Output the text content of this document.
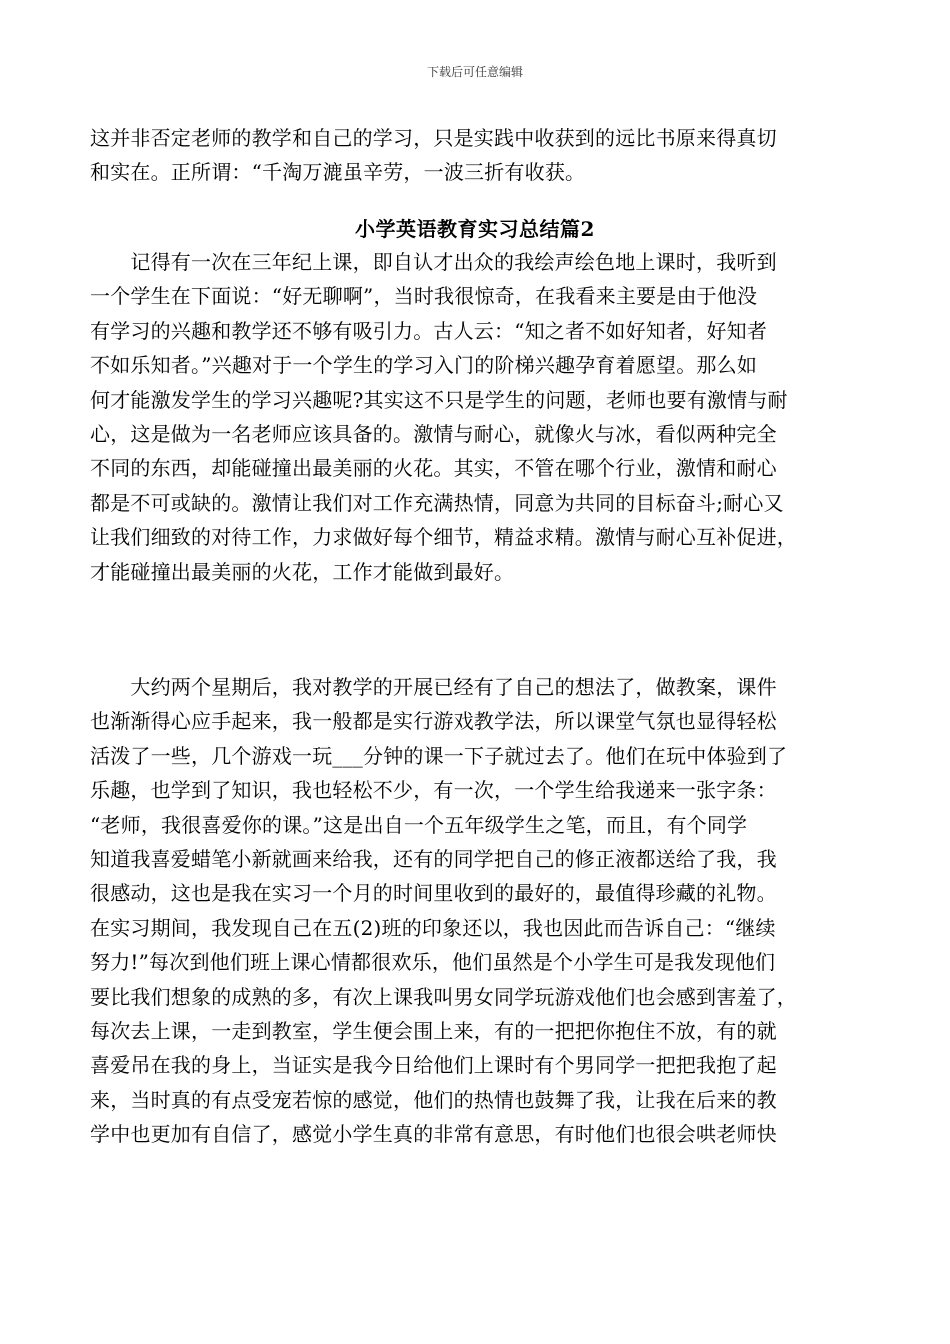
下载后可任意编辑
这并非否定老师的教学和自己的学习，只是实践中收获到的远比书原来得真切
和实在。正所谓：“千淘万漉虽辛劳，一波三折有收获。
小学英语教育实习总结篇2
　　记得有一次在三年纪上课，即自认才出众的我绘声绘色地上课时，我听到
一个学生在下面说：“好无聊啊”，当时我很惊奇，在我看来主要是由于他没
有学习的兴趣和教学还不够有吸引力。古人云：“知之者不如好知者，好知者
不如乐知者。”兴趣对于一个学生的学习入门的阶梯兴趣孕育着愿望。那么如
何才能激发学生的学习兴趣呢?其实这不只是学生的问题，老师也要有激情与耐
心，这是做为一名老师应该具备的。激情与耐心，就像火与冰，看似两种完全
不同的东西，却能碰撞出最美丽的火花。其实，不管在哪个行业，激情和耐心
都是不可或缺的。激情让我们对工作充满热情，同意为共同的目标奋斗;耐心又
让我们细致的对待工作，力求做好每个细节，精益求精。激情与耐心互补促进，
才能碰撞出最美丽的火花，工作才能做到最好。
　　大约两个星期后，我对教学的开展已经有了自己的想法了，做教案，课件
也渐渐得心应手起来，我一般都是实行游戏教学法，所以课堂气氛也显得轻松
活泼了一些，几个游戏一玩___分钟的课一下子就过去了。他们在玩中体验到了
乐趣，也学到了知识，我也轻松不少，有一次，一个学生给我递来一张字条：
“老师，我很喜爱你的课。”这是出自一个五年级学生之笔，而且，有个同学
知道我喜爱蜡笔小新就画来给我，还有的同学把自己的修正液都送给了我，我
很感动，这也是我在实习一个月的时间里收到的最好的，最值得珍藏的礼物。
在实习期间，我发现自己在五(2)班的印象还以，我也因此而告诉自己：“继续
努力!”每次到他们班上课心情都很欢乐，他们虽然是个小学生可是我发现他们
要比我们想象的成熟的多，有次上课我叫男女同学玩游戏他们也会感到害羞了，
每次去上课，一走到教室，学生便会围上来，有的一把把你抱住不放，有的就
喜爱吊在我的身上，当证实是我今日给他们上课时有个男同学一把把我抱了起
来，当时真的有点受宠若惊的感觉，他们的热情也鼓舞了我，让我在后来的教
学中也更加有自信了，感觉小学生真的非常有意思，有时他们也很会哄老师快
